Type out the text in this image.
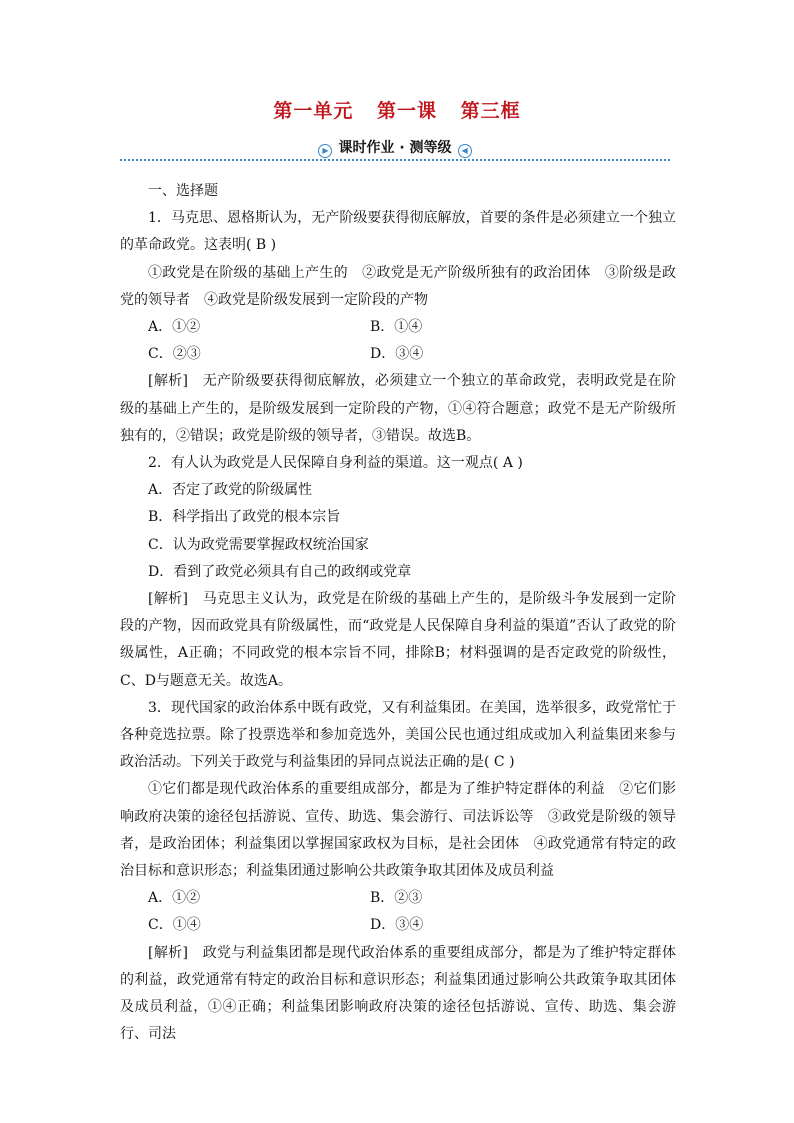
第一单元 第一课 第三框
▶ 课时作业 · 测等级 ◀

一、选择题

1．马克思、恩格斯认为，无产阶级要获得彻底解放，首要的条件是必须建立一个独立的革命政党。这表明( B )

①政党是在阶级的基础上产生的　②政党是无产阶级所独有的政治团体　③阶级是政党的领导者　④政党是阶级发展到一定阶段的产物

A．①②	B．①④
C．②③	D．③④

[解析]　无产阶级要获得彻底解放，必须建立一个独立的革命政党，表明政党是在阶级的基础上产生的，是阶级发展到一定阶段的产物，①④符合题意；政党不是无产阶级所独有的，②错误；政党是阶级的领导者，③错误。故选B。

2．有人认为政党是人民保障自身利益的渠道。这一观点( A )

A．否定了政党的阶级属性

B．科学指出了政党的根本宗旨

C．认为政党需要掌握政权统治国家

D．看到了政党必须具有自己的政纲或党章

[解析]　马克思主义认为，政党是在阶级的基础上产生的，是阶级斗争发展到一定阶段的产物，因而政党具有阶级属性，而“政党是人民保障自身利益的渠道”否认了政党的阶级属性，A正确；不同政党的根本宗旨不同，排除B；材料强调的是否定政党的阶级性，C、D与题意无关。故选A。

3．现代国家的政治体系中既有政党，又有利益集团。在美国，选举很多，政党常忙于各种竞选拉票。除了投票选举和参加竞选外，美国公民也通过组成或加入利益集团来参与政治活动。下列关于政党与利益集团的异同点说法正确的是( C )

①它们都是现代政治体系的重要组成部分，都是为了维护特定群体的利益　②它们影响政府决策的途径包括游说、宣传、助选、集会游行、司法诉讼等　③政党是阶级的领导者，是政治团体；利益集团以掌握国家政权为目标，是社会团体　④政党通常有特定的政治目标和意识形态；利益集团通过影响公共政策争取其团体及成员利益

A．①②	B．②③
C．①④	D．③④

[解析]　政党与利益集团都是现代政治体系的重要组成部分，都是为了维护特定群体的利益，政党通常有特定的政治目标和意识形态；利益集团通过影响公共政策争取其团体及成员利益，①④正确；利益集团影响政府决策的途径包括游说、宣传、助选、集会游行、司法
